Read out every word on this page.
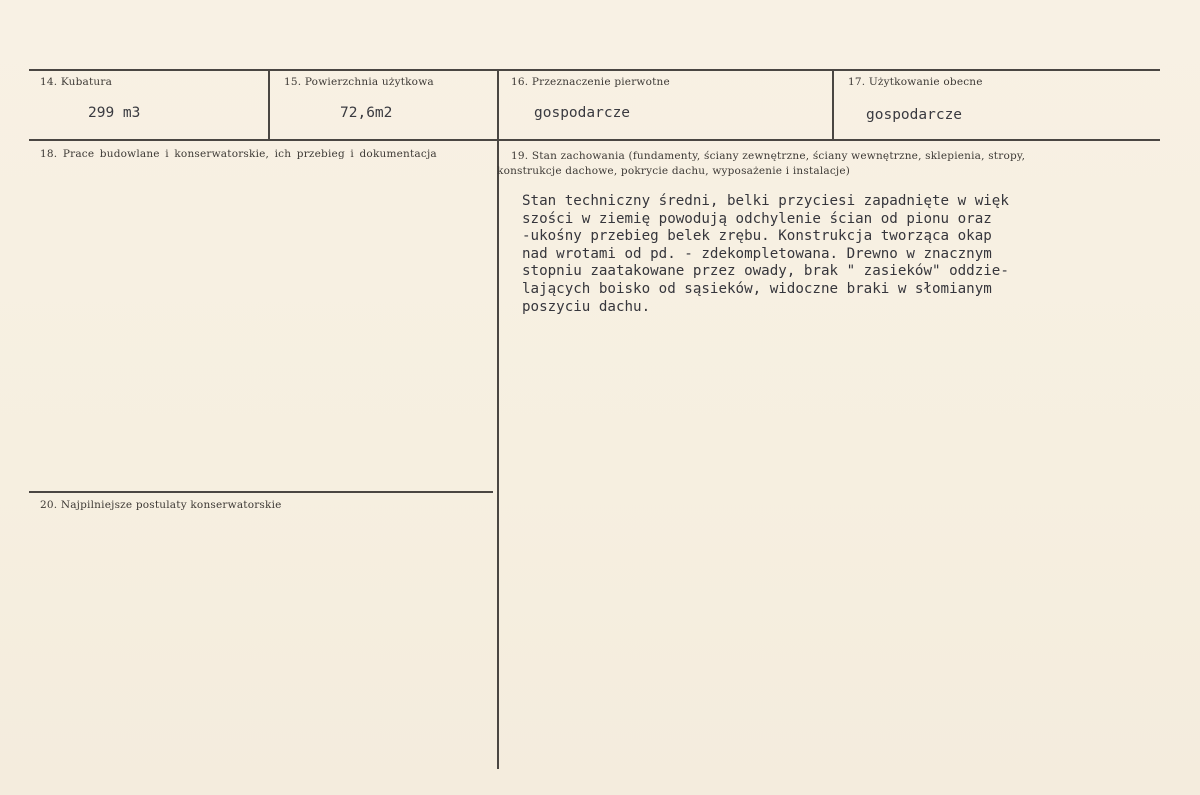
14. Kubatura
299 m3
15. Powierzchnia użytkowa
72,6m2
16. Przeznaczenie pierwotne
gospodarcze
17. Użytkowanie obecne
gospodarcze
18. Prace budowlane i konserwatorskie, ich przebieg i dokumentacja	19. Stan zachowania (fundamenty, ściany zewnętrzne, ściany wewnętrzne, sklepienia, stropy,
konstrukcje dachowe, pokrycie dachu, wyposażenie i instalacje)
Stan techniczny średni, belki przyciesi zapadnięte w więk
szości w ziemię powodują odchylenie ścian od pionu oraz
-ukośny przebieg belek zrębu. Konstrukcja tworząca okap
nad wrotami od pd. - zdekompletowana. Drewno w znacznym
stopniu zaatakowane przez owady, brak " zasieków" oddzie-
lających boisko od sąsieków, widoczne braki w słomianym
poszyciu dachu.
20. Najpilniejsze postulaty konserwatorskie
